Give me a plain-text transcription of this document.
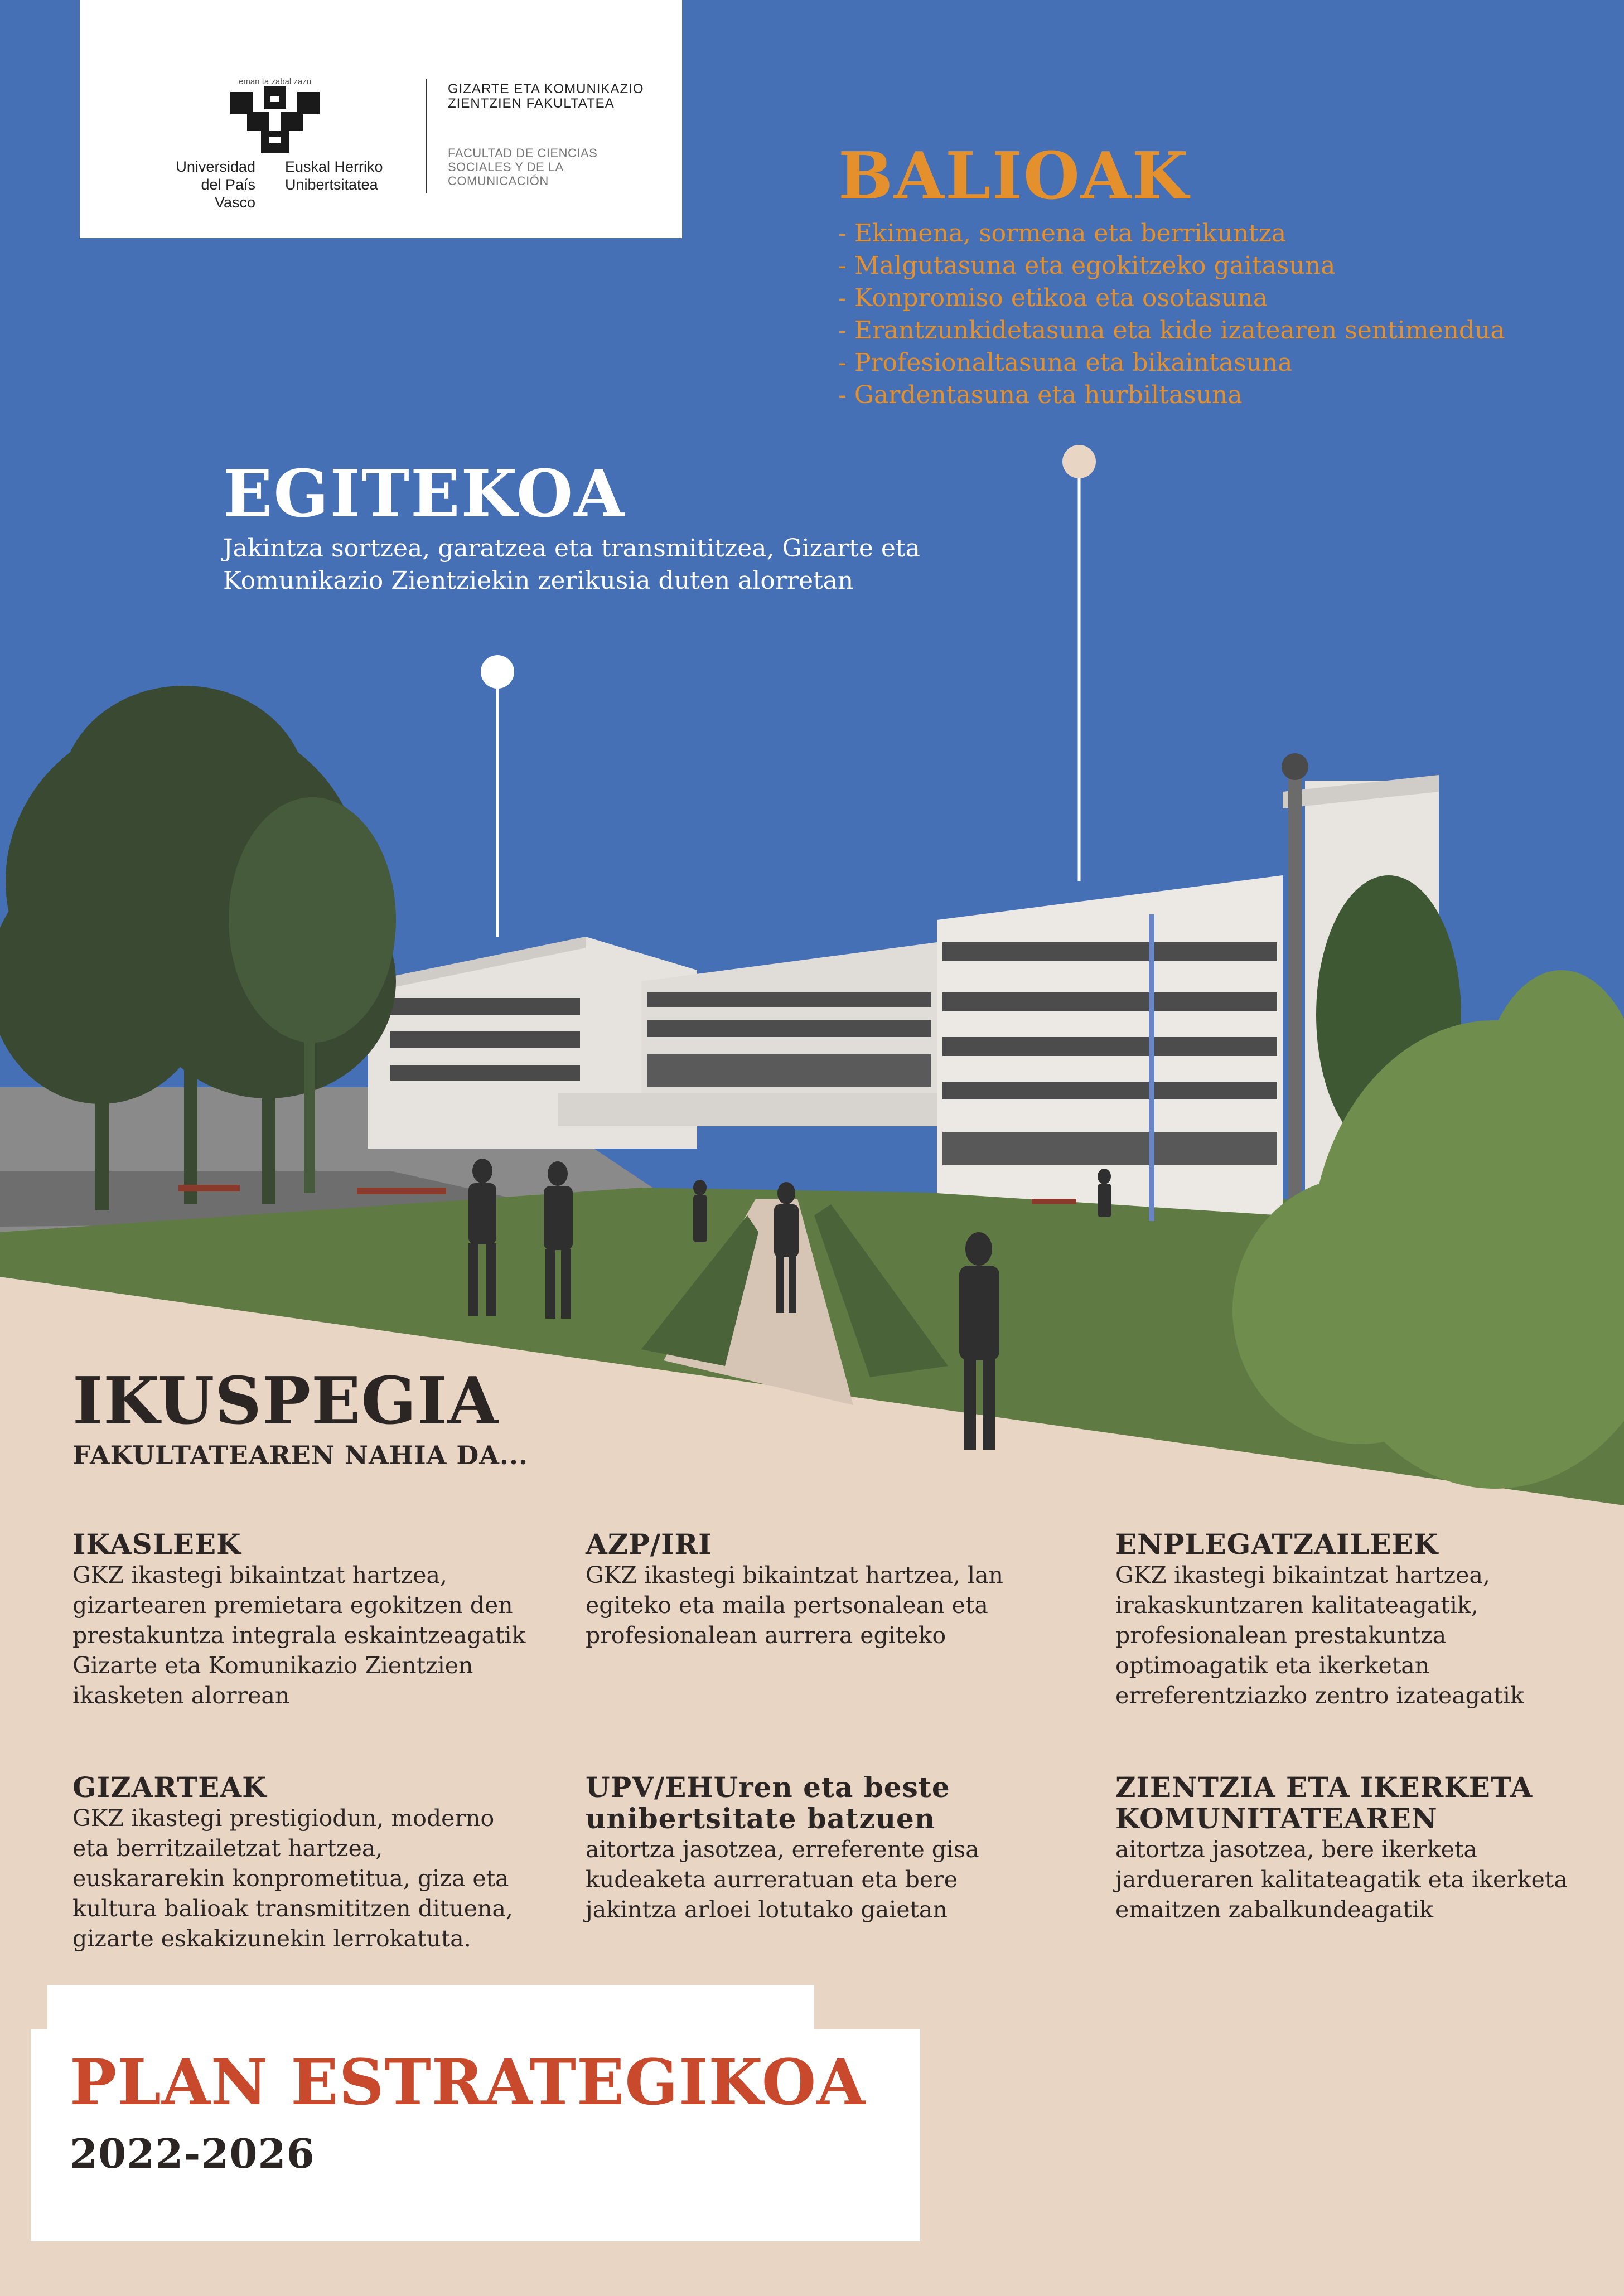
eman ta zabal zazu
Universidad del País Vasco
Euskal Herriko Unibertsitatea
GIZARTE ETA KOMUNIKAZIO ZIENTZIEN FAKULTATEA
FACULTAD DE CIENCIAS SOCIALES Y DE LA COMUNICACIÓN	BALIOAK
- Ekimena, sormena eta berrikuntza
- Malgutasuna eta egokitzeko gaitasuna
- Konpromiso etikoa eta osotasuna
- Erantzunkidetasuna eta kide izatearen sentimendua
- Profesionaltasuna eta bikaintasuna
- Gardentasuna eta hurbiltasuna
EGITEKOA
Jakintza sortzea, garatzea eta transmititzea, Gizarte eta Komunikazio Zientziekin zerikusia duten alorretan
IKUSPEGIA
FAKULTATEAREN NAHIA DA...
IKASLEEK

GKZ ikastegi bikaintzat hartzea, gizartearen premietara egokitzen den prestakuntza integrala eskaintzeagatik Gizarte eta Komunikazio Zientzien ikasketen alorrean

AZP/IRI

GKZ ikastegi bikaintzat hartzea, lan egiteko eta maila pertsonalean eta profesionalean aurrera egiteko

ENPLEGATZAILEEK

GKZ ikastegi bikaintzat hartzea, irakaskuntzaren kalitateagatik, profesionalean prestakuntza optimoagatik eta ikerketan erreferentziazko zentro izateagatik

GIZARTEAK

GKZ ikastegi prestigiodun, moderno eta berritzailetzat hartzea, euskararekin konprometitua, giza eta kultura balioak transmititzen dituena, gizarte eskakizunekin lerrokatuta.

UPV/EHUren eta beste unibertsitate batzuen

aitortza jasotzea, erreferente gisa kudeaketa aurreratuan eta bere jakintza arloei lotutako gaietan

ZIENTZIA ETA IKERKETA KOMUNITATEAREN

aitortza jasotzea, bere ikerketa jardueraren kalitateagatik eta ikerketa emaitzen zabalkundeagatik

PLAN ESTRATEGIKOA
2022-2026
